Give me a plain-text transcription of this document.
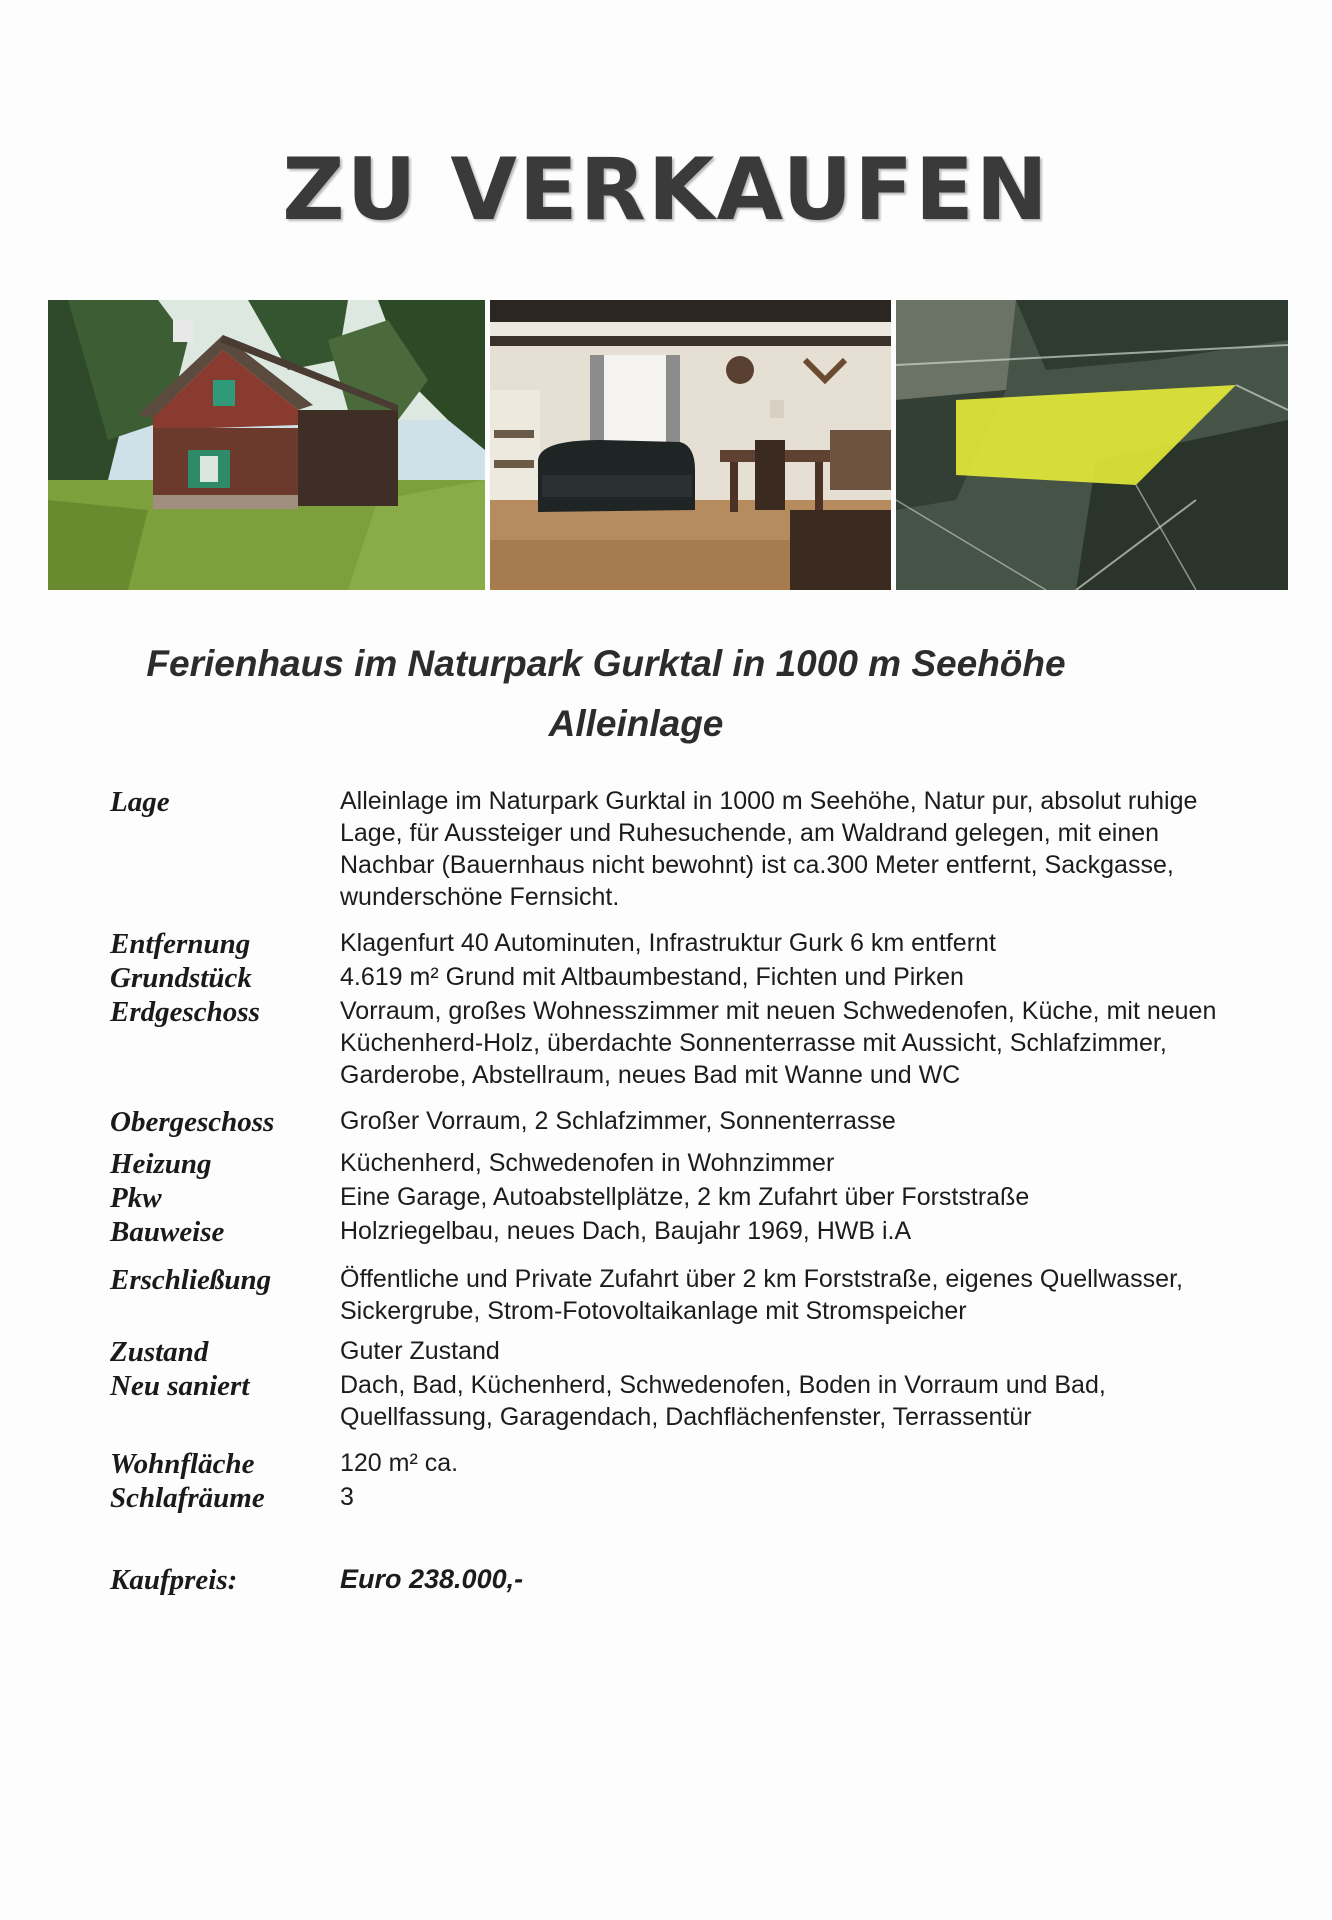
ZU VERKAUFEN
Ferienhaus im Naturpark Gurktal in 1000 m Seehöhe
Alleinlage
Lage	Alleinlage im Naturpark Gurktal in 1000 m Seehöhe, Natur pur, absolut ruhige Lage, für Aussteiger und Ruhesuchende, am Waldrand gelegen, mit einen Nachbar (Bauernhaus nicht bewohnt) ist ca.300 Meter entfernt, Sackgasse, wunderschöne Fernsicht.
Entfernung	Klagenfurt 40 Autominuten, Infrastruktur Gurk 6 km entfernt
Grundstück	4.619 m² Grund mit Altbaumbestand, Fichten und Pirken
Erdgeschoss	Vorraum, großes Wohnesszimmer mit neuen Schwedenofen, Küche, mit neuen Küchenherd-Holz, überdachte Sonnenterrasse mit Aussicht, Schlafzimmer, Garderobe, Abstellraum, neues Bad mit Wanne und WC
Obergeschoss	Großer Vorraum, 2 Schlafzimmer, Sonnenterrasse
Heizung	Küchenherd, Schwedenofen in Wohnzimmer
Pkw	Eine Garage, Autoabstellplätze, 2 km Zufahrt über Forststraße
Bauweise	Holzriegelbau, neues Dach, Baujahr 1969, HWB i.A
Erschließung	Öffentliche und Private Zufahrt über 2 km Forststraße, eigenes Quellwasser, Sickergrube, Strom-Fotovoltaikanlage mit Stromspeicher
Zustand	Guter Zustand
Neu saniert	Dach, Bad, Küchenherd, Schwedenofen, Boden in Vorraum und Bad, Quellfassung, Garagendach, Dachflächenfenster, Terrassentür
Wohnfläche	120 m² ca.
Schlafräume	3
Kaufpreis:	Euro 238.000,-
